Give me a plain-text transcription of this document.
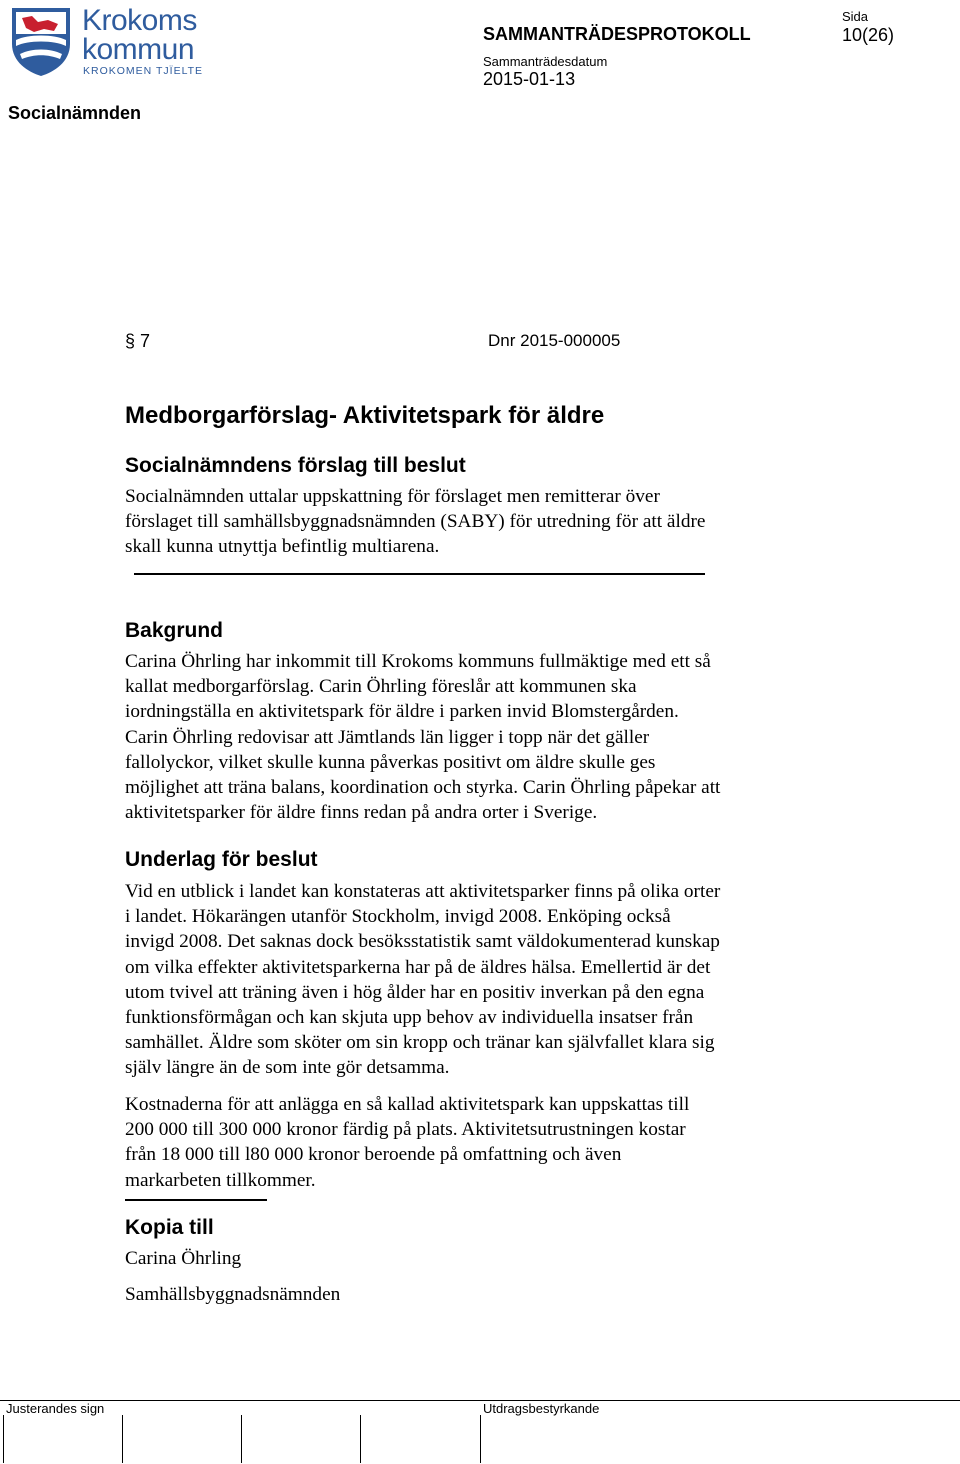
Krokoms
kommun
KROKOMEN TJÏELTE
SAMMANTRÄDESPROTOKOLL
Sammanträdesdatum
2015-01-13
Sida
10(26)
Socialnämnden
§ 7	Dnr 2015-000005
Medborgarförslag- Aktivitetspark för äldre
Socialnämndens förslag till beslut

Socialnämnden uttalar uppskattning för förslaget men remitterar över

förslaget till samhällsbyggnadsnämnden (SABY) för utredning för att äldre

skall kunna utnyttja befintlig multiarena.

Bakgrund

Carina Öhrling har inkommit till Krokoms kommuns fullmäktige med ett så

kallat medborgarförslag. Carin Öhrling föreslår att kommunen ska

iordningställa en aktivitetspark för äldre i parken invid Blomstergården.

Carin Öhrling redovisar att Jämtlands län ligger i topp när det gäller

fallolyckor, vilket skulle kunna påverkas positivt om äldre skulle ges

möjlighet att träna balans, koordination och styrka. Carin Öhrling påpekar att

aktivitetsparker för äldre finns redan på andra orter i Sverige.

Underlag för beslut

Vid en utblick i landet kan konstateras att aktivitetsparker finns på olika orter

i landet. Hökarängen utanför Stockholm, invigd 2008. Enköping också

invigd 2008. Det saknas dock besöksstatistik samt väldokumenterad kunskap

om vilka effekter aktivitetsparkerna har på de äldres hälsa. Emellertid är det

utom tvivel att träning även i hög ålder har en positiv inverkan på den egna

funktionsförmågan och kan skjuta upp behov av individuella insatser från

samhället. Äldre som sköter om sin kropp och tränar kan självfallet klara sig

själv längre än de som inte gör detsamma.

Kostnaderna för att anlägga en så kallad aktivitetspark kan uppskattas till

200 000 till 300 000 kronor färdig på plats. Aktivitetsutrustningen kostar

från 18 000 till l80 000 kronor beroende på omfattning och även

markarbeten tillkommer.

Kopia till
Carina Öhrling
Samhällsbyggnadsnämnden
Justerandes sign	Utdragsbestyrkande
